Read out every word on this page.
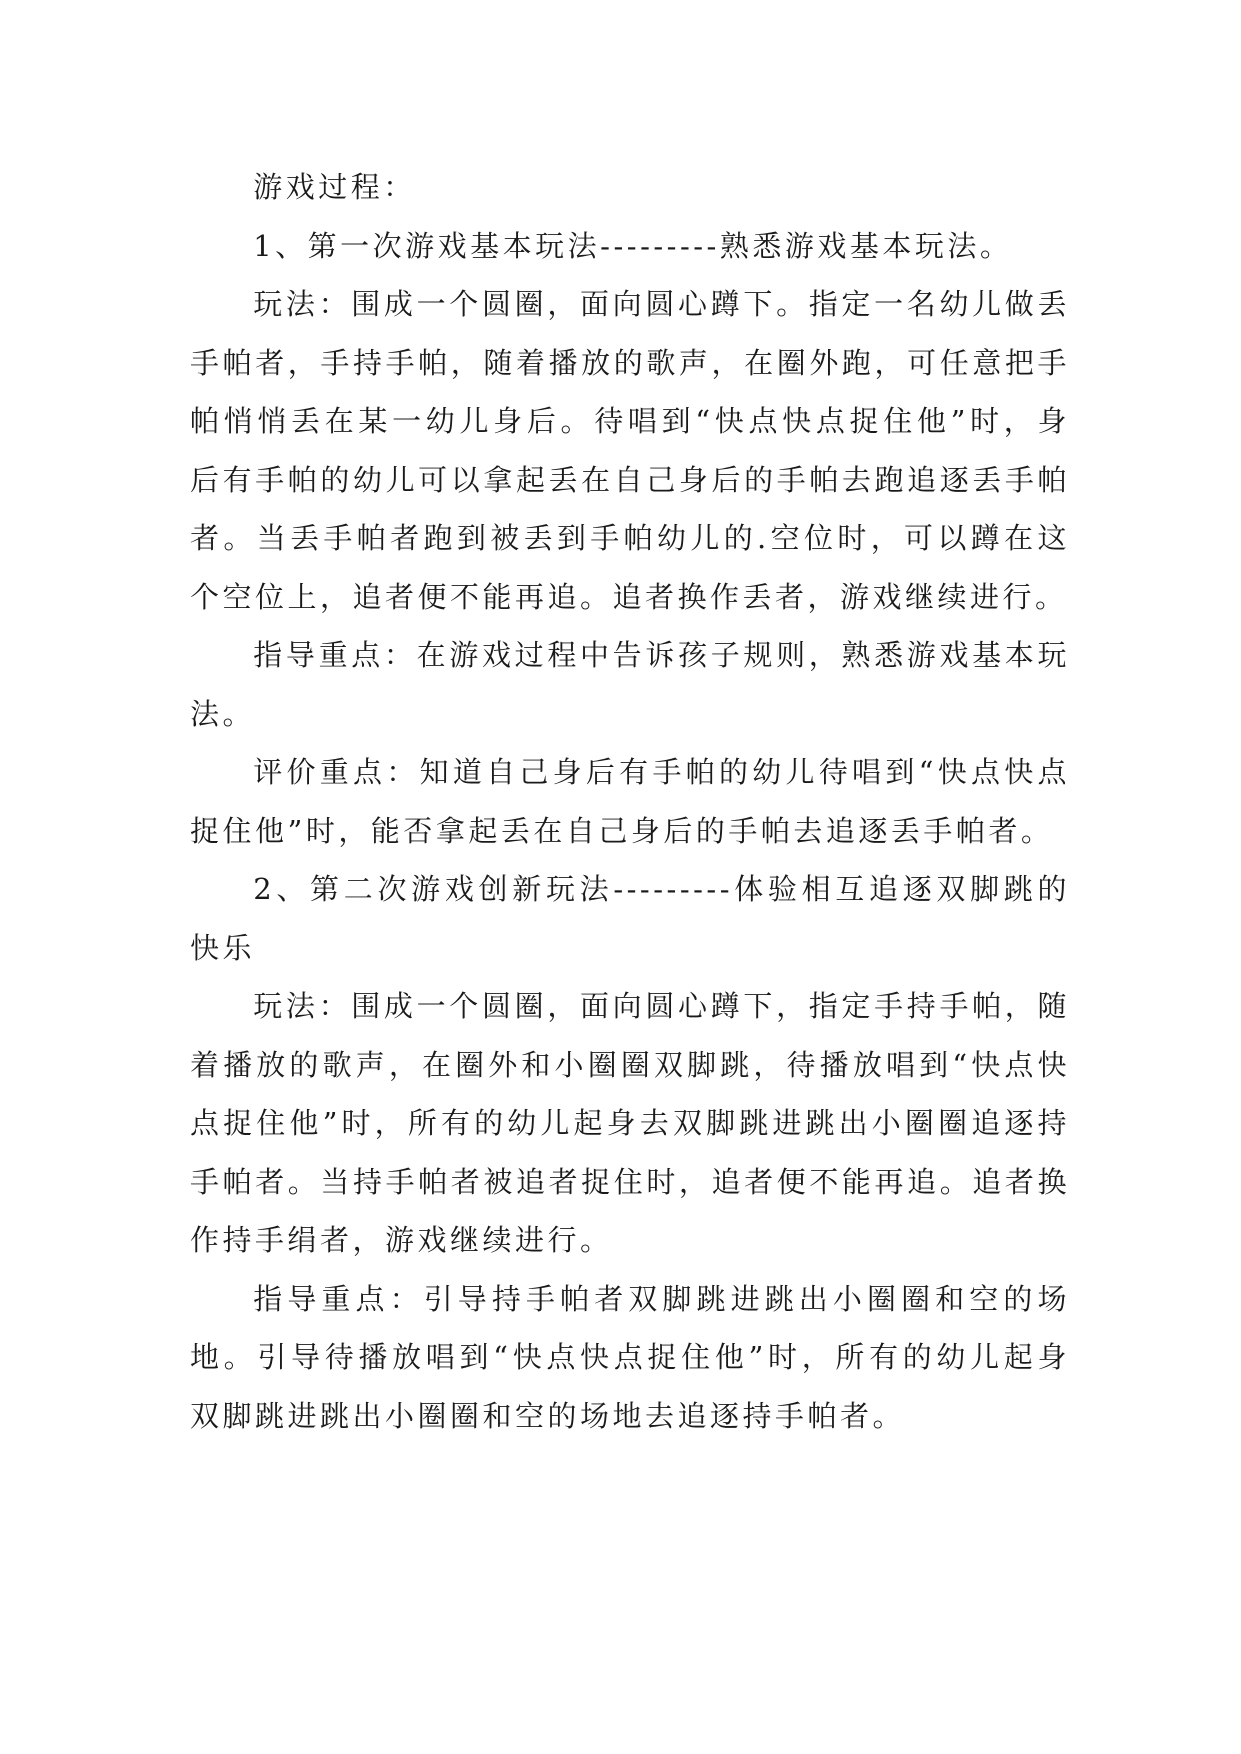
游戏过程：

1、第一次游戏基本玩法---------熟悉游戏基本玩法。

玩法：围成一个圆圈，面向圆心蹲下。指定一名幼儿做丢手帕者，手持手帕，随着播放的歌声，在圈外跑，可任意把手帕悄悄丢在某一幼儿身后。待唱到“快点快点捉住他”时，身后有手帕的幼儿可以拿起丢在自己身后的手帕去跑追逐丢手帕者。当丢手帕者跑到被丢到手帕幼儿的.空位时，可以蹲在这个空位上，追者便不能再追。追者换作丢者，游戏继续进行。

指导重点：在游戏过程中告诉孩子规则，熟悉游戏基本玩法。

评价重点：知道自己身后有手帕的幼儿待唱到“快点快点捉住他”时，能否拿起丢在自己身后的手帕去追逐丢手帕者。

2、第二次游戏创新玩法---------体验相互追逐双脚跳的快乐

玩法：围成一个圆圈，面向圆心蹲下，指定手持手帕，随着播放的歌声，在圈外和小圈圈双脚跳，待播放唱到“快点快点捉住他”时，所有的幼儿起身去双脚跳进跳出小圈圈追逐持手帕者。当持手帕者被追者捉住时，追者便不能再追。追者换作持手绢者，游戏继续进行。

指导重点：引导持手帕者双脚跳进跳出小圈圈和空的场地。引导待播放唱到“快点快点捉住他”时，所有的幼儿起身双脚跳进跳出小圈圈和空的场地去追逐持手帕者。
